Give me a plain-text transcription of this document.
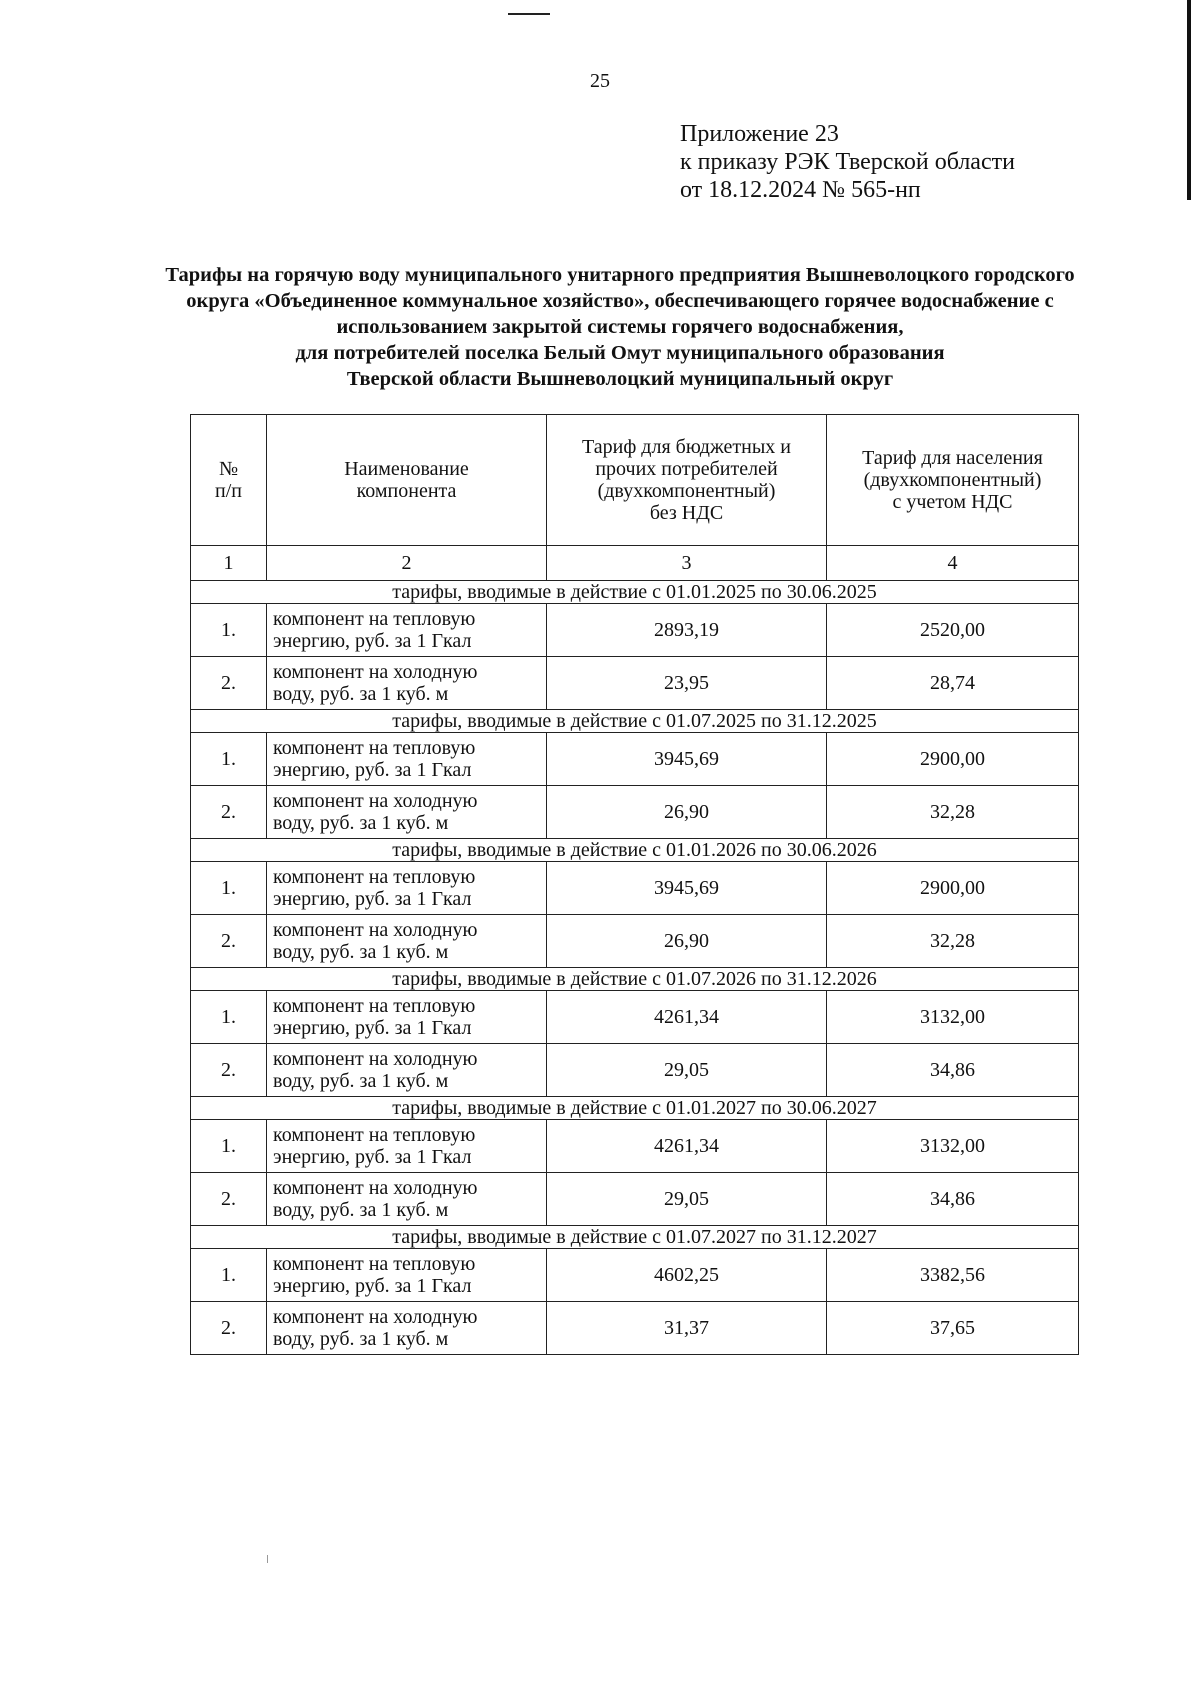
25
Приложение 23
к приказу РЭК Тверской области
от 18.12.2024 № 565-нп
Тарифы на горячую воду муниципального унитарного предприятия Вышневолоцкого городского
округа «Объединенное коммунальное хозяйство», обеспечивающего горячее водоснабжение с
использованием закрытой системы горячего водоснабжения,
для потребителей поселка Белый Омут муниципального образования
Тверской области Вышневолоцкий муниципальный округ
№
п/п	Наименование
компонента	Тариф для бюджетных и
прочих потребителей
(двухкомпонентный)
без НДС	Тариф для населения
(двухкомпонентный)
с учетом НДС
1	2	3	4
тарифы, вводимые в действие с 01.01.2025 по 30.06.2025			
1.	компонент на тепловую
энергию, руб. за 1 Гкал	2893,19	2520,00
2.	компонент на холодную
воду, руб. за 1 куб. м	23,95	28,74
тарифы, вводимые в действие с 01.07.2025 по 31.12.2025			
1.	компонент на тепловую
энергию, руб. за 1 Гкал	3945,69	2900,00
2.	компонент на холодную
воду, руб. за 1 куб. м	26,90	32,28
тарифы, вводимые в действие с 01.01.2026 по 30.06.2026			
1.	компонент на тепловую
энергию, руб. за 1 Гкал	3945,69	2900,00
2.	компонент на холодную
воду, руб. за 1 куб. м	26,90	32,28
тарифы, вводимые в действие с 01.07.2026 по 31.12.2026			
1.	компонент на тепловую
энергию, руб. за 1 Гкал	4261,34	3132,00
2.	компонент на холодную
воду, руб. за 1 куб. м	29,05	34,86
тарифы, вводимые в действие с 01.01.2027 по 30.06.2027			
1.	компонент на тепловую
энергию, руб. за 1 Гкал	4261,34	3132,00
2.	компонент на холодную
воду, руб. за 1 куб. м	29,05	34,86
тарифы, вводимые в действие с 01.07.2027 по 31.12.2027			
1.	компонент на тепловую
энергию, руб. за 1 Гкал	4602,25	3382,56
2.	компонент на холодную
воду, руб. за 1 куб. м	31,37	37,65
